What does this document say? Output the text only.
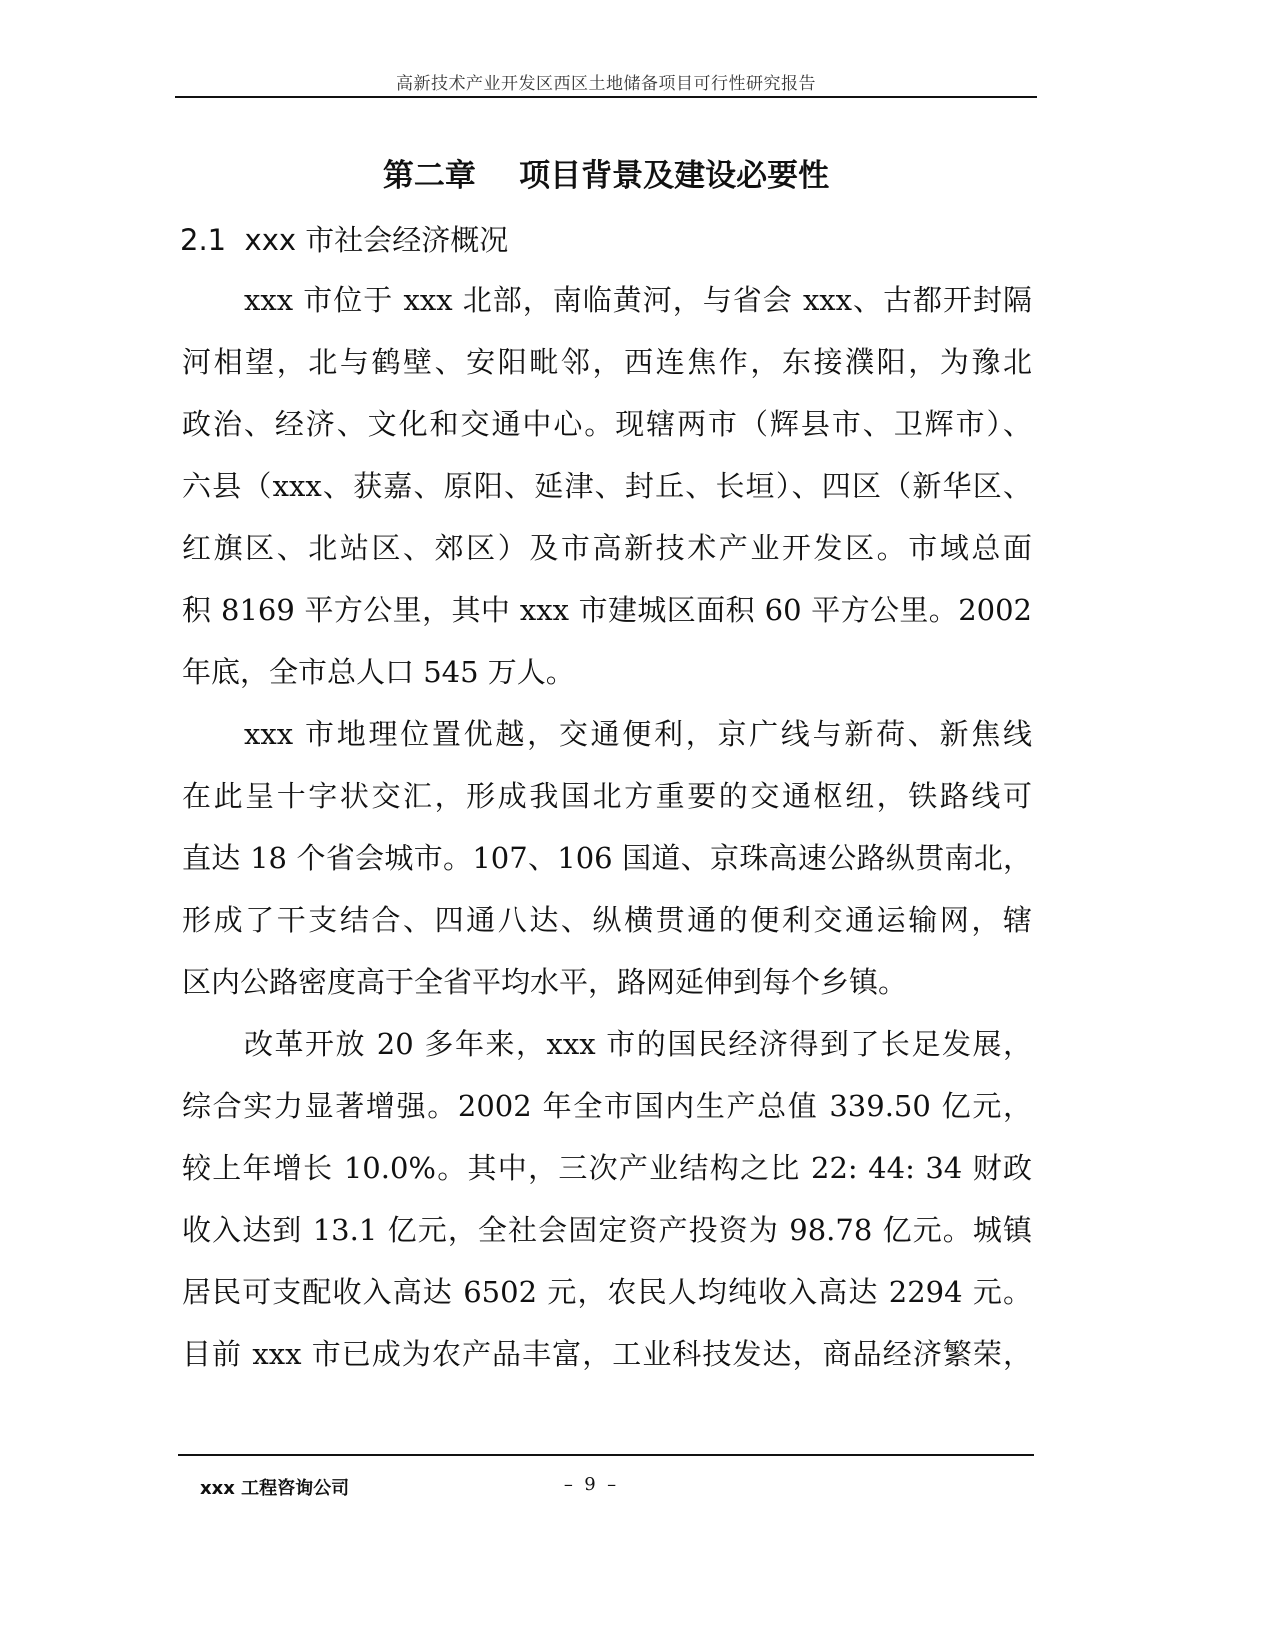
高新技术产业开发区西区土地储备项目可行性研究报告
第二章    项目背景及建设必要性
2.1  xxx 市社会经济概况
xxx 市位于 xxx 北部，南临黄河，与省会 xxx、古都开封隔
河相望，北与鹤壁、安阳毗邻，西连焦作，东接濮阳，为豫北
政治、经济、文化和交通中心。现辖两市（辉县市、卫辉市）、
六县（xxx、获嘉、原阳、延津、封丘、长垣）、四区（新华区、
红旗区、北站区、郊区）及市高新技术产业开发区。市域总面
积 8169 平方公里，其中 xxx 市建城区面积 60 平方公里。2002
年底，全市总人口 545 万人。
xxx 市地理位置优越，交通便利，京广线与新荷、新焦线
在此呈十字状交汇，形成我国北方重要的交通枢纽，铁路线可
直达 18 个省会城市。107、106 国道、京珠高速公路纵贯南北，
形成了干支结合、四通八达、纵横贯通的便利交通运输网，辖
区内公路密度高于全省平均水平，路网延伸到每个乡镇。
改革开放 20 多年来，xxx 市的国民经济得到了长足发展，
综合实力显著增强。2002 年全市国内生产总值 339.50 亿元，
较上年增长 10.0%。其中，三次产业结构之比 22: 44: 34 财政
收入达到 13.1 亿元，全社会固定资产投资为 98.78 亿元。城镇
居民可支配收入高达 6502 元，农民人均纯收入高达 2294 元。
目前 xxx 市已成为农产品丰富，工业科技发达，商品经济繁荣，
xxx 工程咨询公司	–  9  –
